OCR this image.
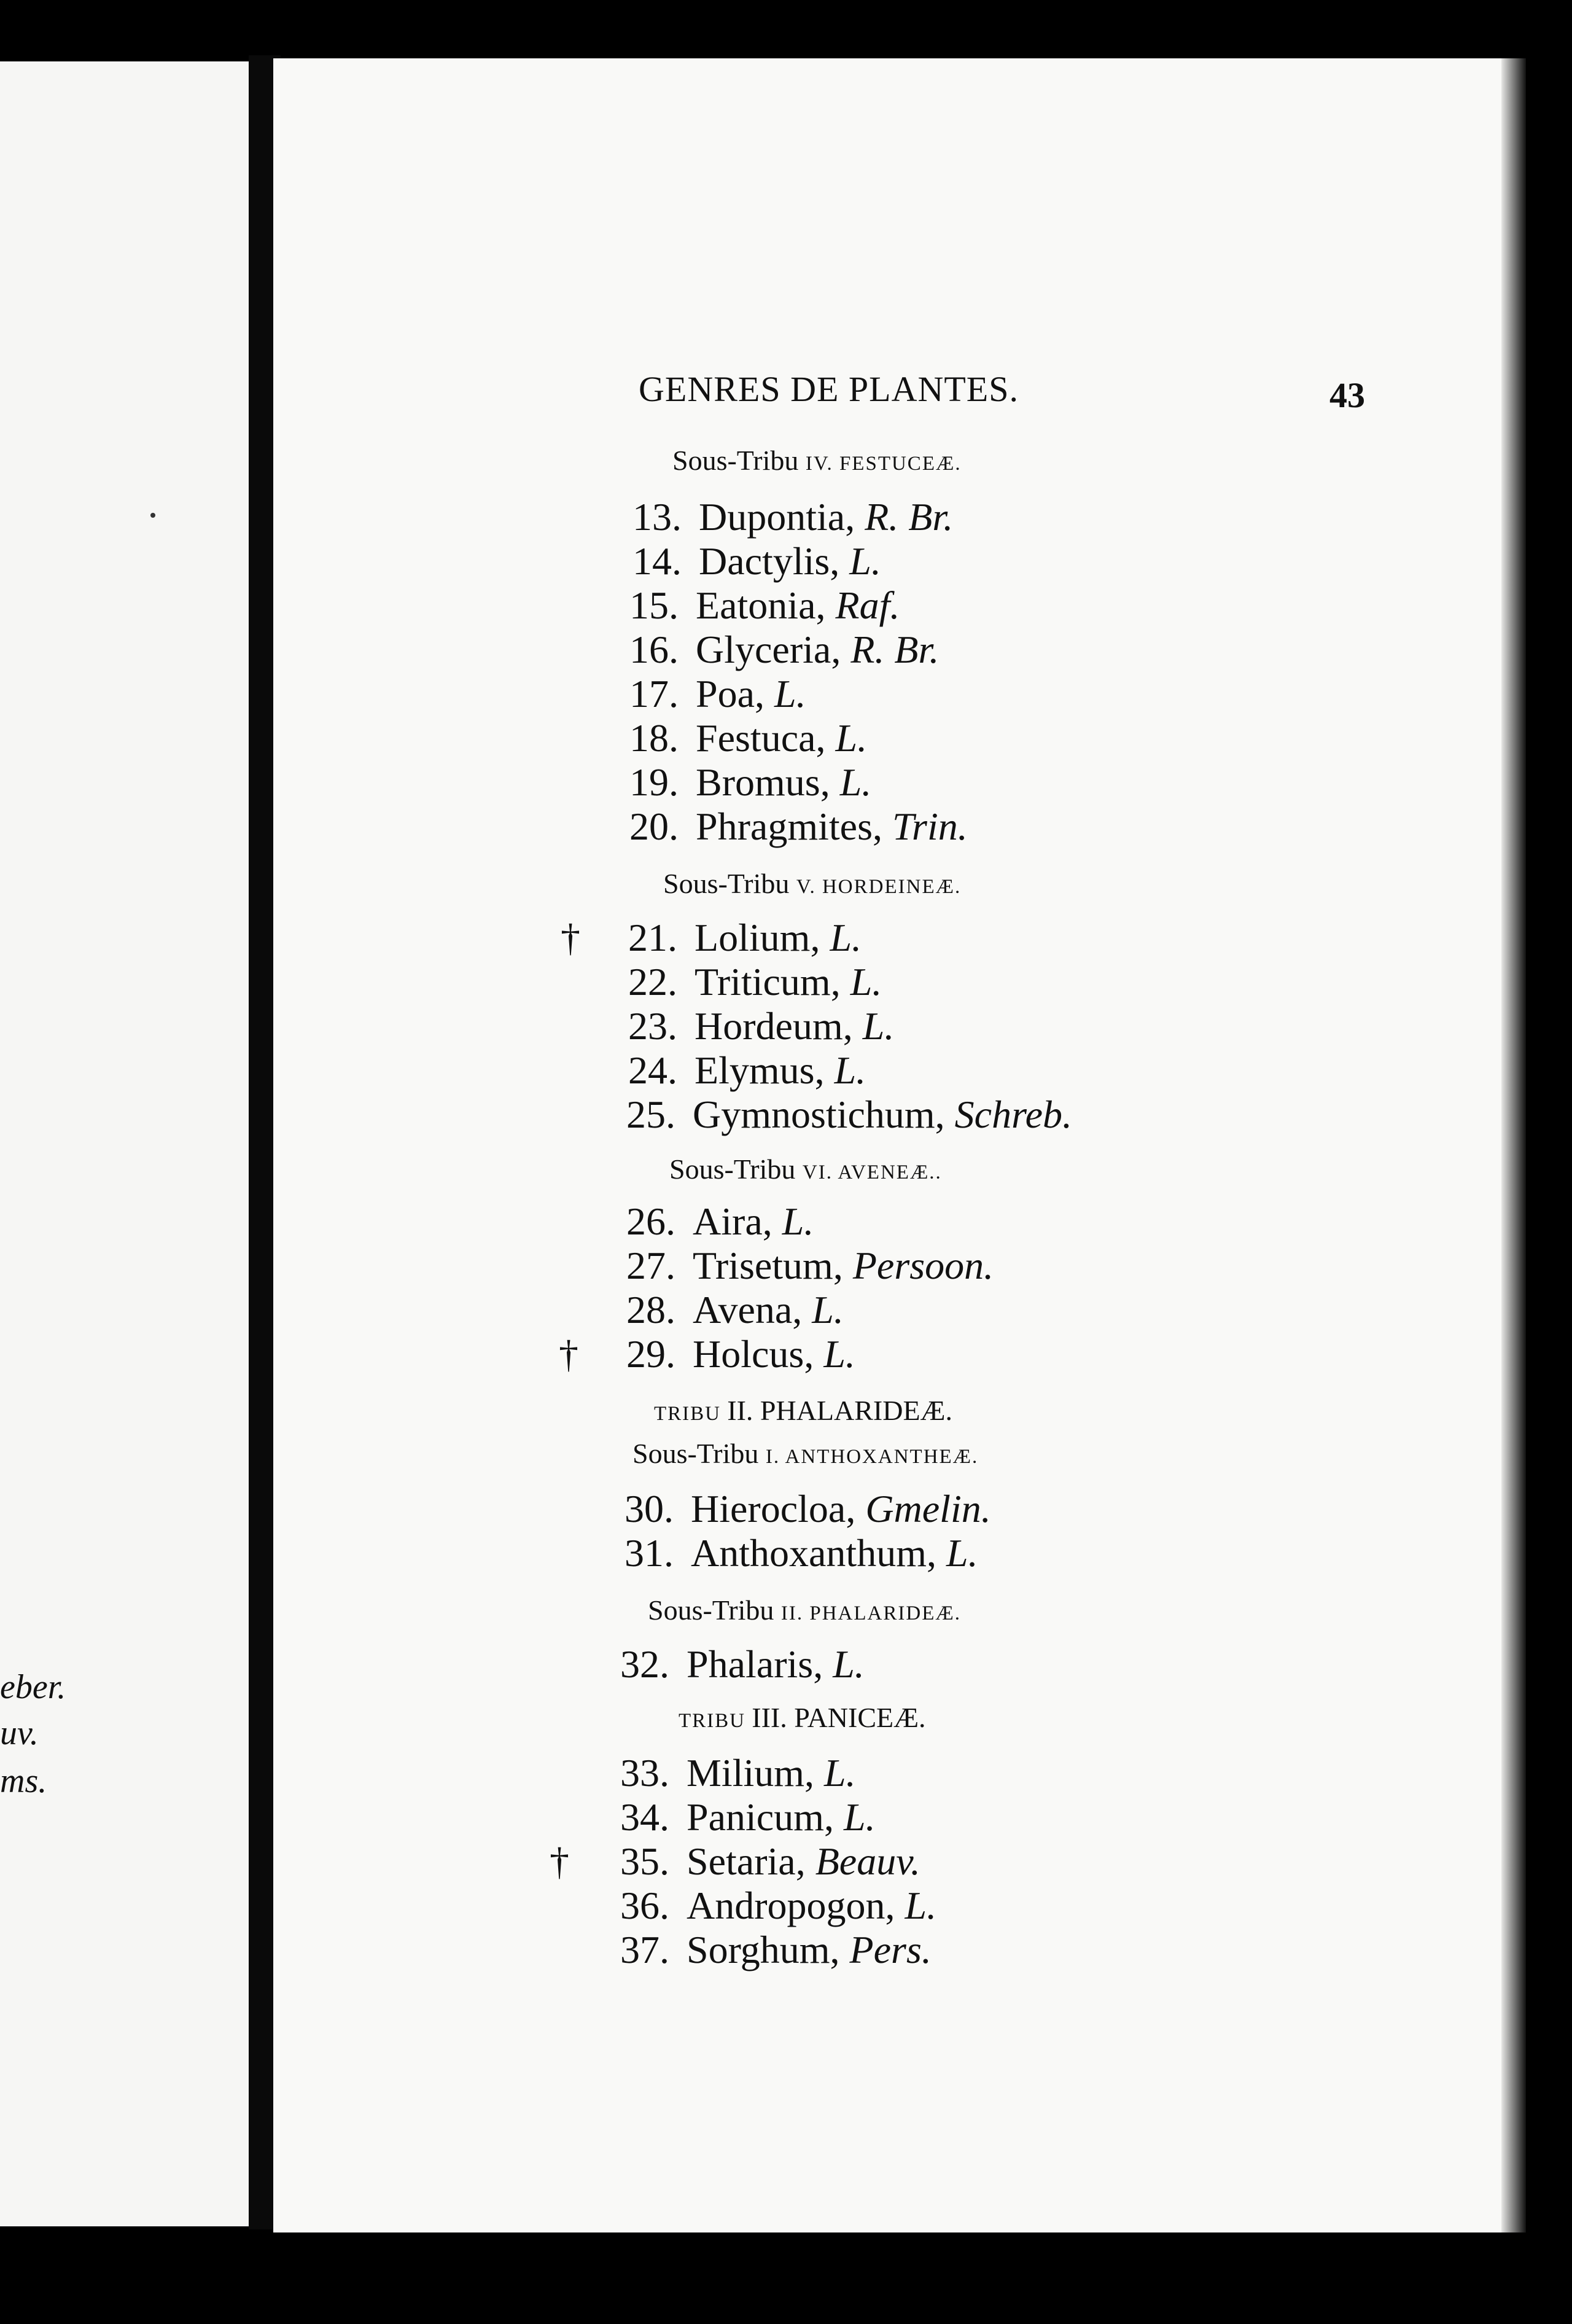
eber.
uv.
ms.
GENRES DE PLANTES.	43
Sous-Tribu IV. FESTUCEÆ.
Sous-Tribu V. HORDEINEÆ.
Sous-Tribu VI. AVENEÆ..
TRIBU II. PHALARIDEÆ.
Sous-Tribu I. ANTHOXANTHEÆ.
Sous-Tribu II. PHALARIDEÆ.
TRIBU III. PANICEÆ.
13. Dupontia, R. Br.
14. Dactylis, L.
15. Eatonia, Raf.
16. Glyceria, R. Br.
17. Poa, L.
18. Festuca, L.
19. Bromus, L.
20. Phragmites, Trin.
†	21. Lolium, L.
22. Triticum, L.
23. Hordeum, L.
24. Elymus, L.
25. Gymnostichum, Schreb.
26. Aira, L.
27. Trisetum, Persoon.
28. Avena, L.
†	29. Holcus, L.
30. Hierocloa, Gmelin.
31. Anthoxanthum, L.
32. Phalaris, L.
33. Milium, L.
34. Panicum, L.
†	35. Setaria, Beauv.
36. Andropogon, L.
37. Sorghum, Pers.
